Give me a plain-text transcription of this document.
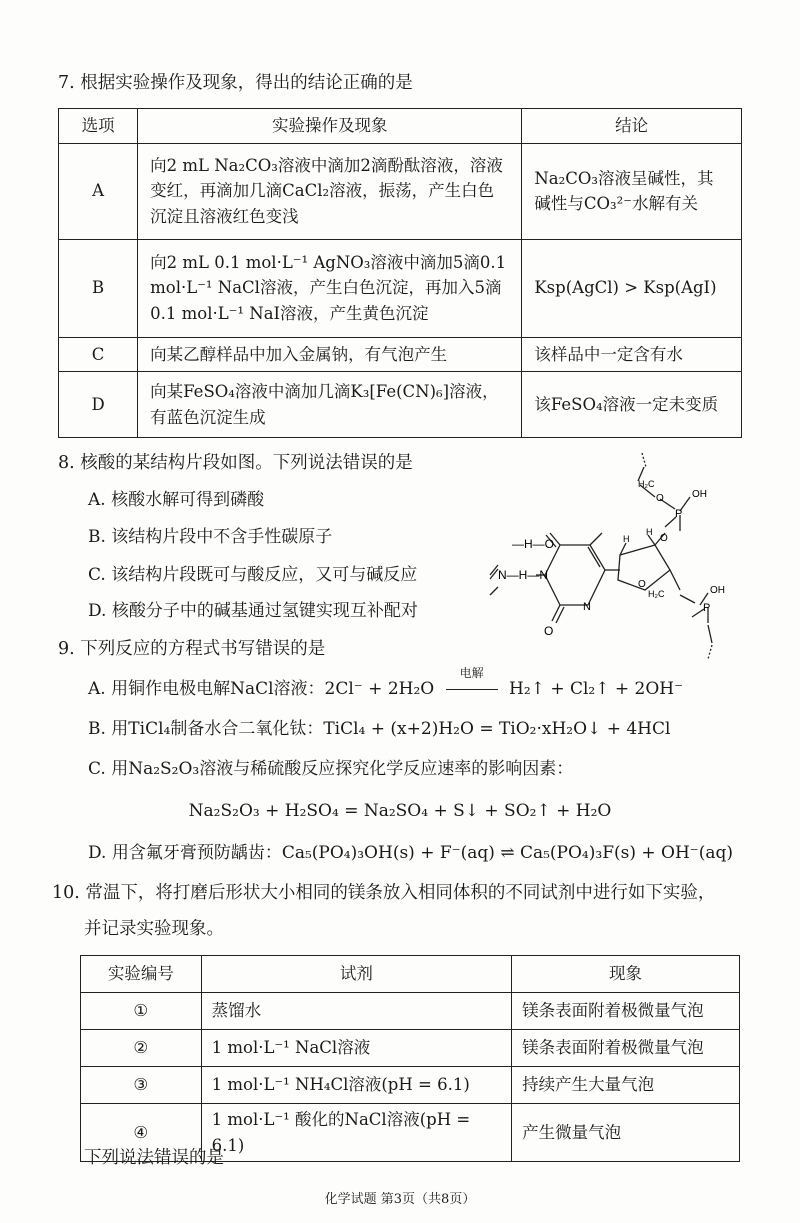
7. 根据实验操作及现象，得出的结论正确的是
选项	实验操作及现象	结论
A	向2 mL Na₂CO₃溶液中滴加2滴酚酞溶液，溶液变红，再滴加几滴CaCl₂溶液，振荡，产生白色沉淀且溶液红色变浅	Na₂CO₃溶液呈碱性，其碱性与CO₃²⁻水解有关
B	向2 mL 0.1 mol·L⁻¹ AgNO₃溶液中滴加5滴0.1 mol·L⁻¹ NaCl溶液，产生白色沉淀，再加入5滴0.1 mol·L⁻¹ NaI溶液，产生黄色沉淀	Ksp(AgCl) > Ksp(AgI)
C	向某乙醇样品中加入金属钠，有气泡产生	该样品中一定含有水
D	向某FeSO₄溶液中滴加几滴K₃[Fe(CN)₆]溶液，有蓝色沉淀生成	该FeSO₄溶液一定未变质
8. 核酸的某结构片段如图。下列说法错误的是
A. 核酸水解可得到磷酸
B. 该结构片段中不含手性碳原子
C. 该结构片段既可与酸反应，又可与碱反应
D. 核酸分子中的碱基通过氢键实现互补配对
H₂C
OH
P
O
O
H
H
O
—H—O
N—H—N
O
N
H₂C	OH
P
9. 下列反应的方程式书写错误的是
A. 用铜作电极电解NaCl溶液：2Cl⁻ + 2H₂O
电解
H₂↑ + Cl₂↑ + 2OH⁻
B. 用TiCl₄制备水合二氧化钛：TiCl₄ + (x+2)H₂O = TiO₂·xH₂O↓ + 4HCl
C. 用Na₂S₂O₃溶液与稀硫酸反应探究化学反应速率的影响因素：
Na₂S₂O₃ + H₂SO₄ = Na₂SO₄ + S↓ + SO₂↑ + H₂O
D. 用含氟牙膏预防龋齿：Ca₅(PO₄)₃OH(s) + F⁻(aq) ⇌ Ca₅(PO₄)₃F(s) + OH⁻(aq)
10. 常温下，将打磨后形状大小相同的镁条放入相同体积的不同试剂中进行如下实验，
并记录实验现象。
实验编号	试剂	现象
①	蒸馏水	镁条表面附着极微量气泡
②	1 mol·L⁻¹ NaCl溶液	镁条表面附着极微量气泡
③	1 mol·L⁻¹ NH₄Cl溶液(pH = 6.1)	持续产生大量气泡
④	1 mol·L⁻¹ 酸化的NaCl溶液(pH = 6.1)	产生微量气泡
下列说法错误的是
化学试题 第3页（共8页）
